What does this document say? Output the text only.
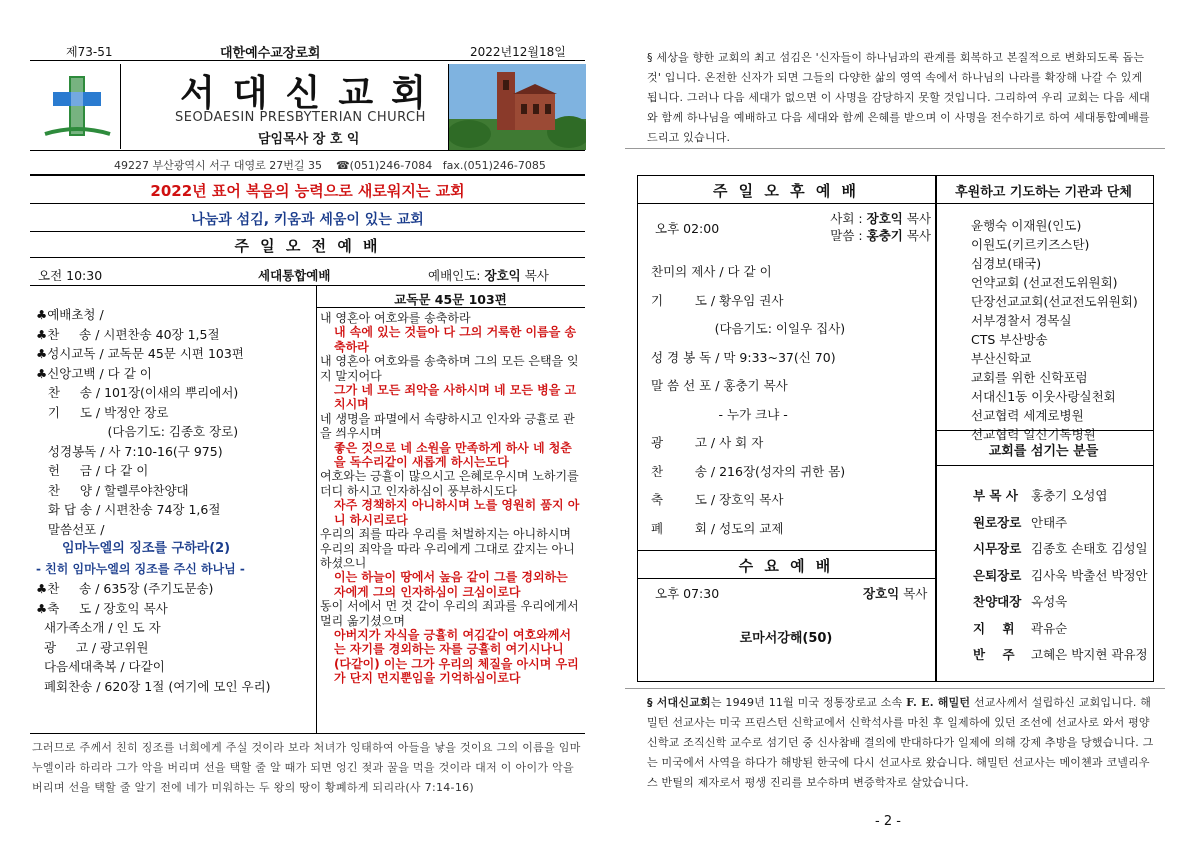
제73-51	대한예수교장로회	2022년12월18일
서대신교회
SEODAESIN PRESBYTERIAN CHURCH
담임목사 장 호 익
49227 부산광역시 서구 대영로 27번길 35 ☎(051)246-7084 fax.(051)246-7085
2022년 표어 복음의 능력으로 새로워지는 교회
나눔과 섬김, 키움과 세움이 있는 교회
주 일 오 전 예 배
오전 10:30	세대통합예배	예배인도: 장호익 목사
♣예배초청 /
♣찬     송 / 시편찬송 40장 1,5절
♣성시교독 / 교독문 45문 시편 103편
♣신앙고백 / 다 같 이
찬     송 / 101장(이새의 뿌리에서)
기     도 / 박정안 장로
(다음기도: 김종호 장로)
성경봉독 / 사 7:10-16(구 975)
헌     금 / 다 같 이
찬     양 / 할렐루야찬양대
화 답 송 / 시편찬송 74장 1,6절
말씀선포 /
임마누엘의 징조를 구하라(2)
- 친히 임마누엘의 징조를 주신 하나님 -
♣찬     송 / 635장 (주기도문송)
♣축     도 / 장호익 목사
새가족소개 / 인 도 자
광     고 / 광고위원
다음세대축복 / 다같이
폐회찬송 / 620장 1절 (여기에 모인 우리)
교독문 45문 103편
내 영혼아 여호와를 송축하라
내 속에 있는 것들아 다 그의 거룩한 이름을 송축하라
내 영혼아 여호와를 송축하며 그의 모든 은택을 잊지 말지어다
그가 네 모든 죄악을 사하시며 네 모든 병을 고치시며
네 생명을 파멸에서 속량하시고 인자와 긍휼로 관을 씌우시며
좋은 것으로 네 소원을 만족하게 하사 네 청춘을 독수리같이 새롭게 하시는도다
여호와는 긍휼이 많으시고 은혜로우시며 노하기를 더디 하시고 인자하심이 풍부하시도다
자주 경책하지 아니하시며 노를 영원히 품지 아니 하시리로다
우리의 죄를 따라 우리를 처벌하지는 아니하시며 우리의 죄악을 따라 우리에게 그대로 갚지는 아니하셨으니
이는 하늘이 땅에서 높음 같이 그를 경외하는 자에게 그의 인자하심이 크심이로다
동이 서에서 먼 것 같이 우리의 죄과를 우리에게서 멀리 옮기셨으며
아버지가 자식을 긍휼히 여김같이 여호와께서는 자기를 경외하는 자를 긍휼히 여기시나니
(다같이) 이는 그가 우리의 체질을 아시며 우리가 단지 먼지뿐임을 기억하심이로다
그러므로 주께서 친히 징조를 너희에게 주실 것이라 보라 처녀가 잉태하여 아들을 낳을 것이요 그의 이름을 임마누엘이라 하리라 그가 악을 버리며 선을 택할 줄 알 때가 되면 엉긴 젖과 꿀을 먹을 것이라 대저 이 아이가 악을 버리며 선을 택할 줄 알기 전에 네가 미워하는 두 왕의 땅이 황폐하게 되리라(사 7:14-16)
§ 세상을 향한 교회의 최고 섬김은 '신자들이 하나님과의 관계를 회복하고 본질적으로 변화되도록 돕는 것' 입니다. 온전한 신자가 되면 그들의 다양한 삶의 영역 속에서 하나님의 나라를 확장해 나갈 수 있게 됩니다. 그러나 다음 세대가 없으면 이 사명을 감당하지 못할 것입니다. 그리하여 우리 교회는 다음 세대와 함께 하나님을 예배하고 다음 세대와 함께 은혜를 받으며 이 사명을 전수하기로 하여 세대통합예배를 드리고 있습니다.
주 일 오 후 예 배
오후 02:00
사회 : 장호익 목사
말씀 : 홍충기 목사
찬미의 제사 / 다 같 이
기        도 / 황우임 권사
(다음기도: 이일우 집사)
성 경 봉 독 / 막 9:33~37(신 70)
말 씀 선 포 / 홍충기 목사
- 누가 크냐 -
광        고 / 사 회 자
찬        송 / 216장(성자의 귀한 몸)
축        도 / 장호익 목사
폐        회 / 성도의 교제
수 요 예 배
오후 07:30	장호익 목사
로마서강해(50)
후원하고 기도하는 기관과 단체
윤행숙 이재원(인도)
이원도(키르키즈스탄)
심경보(태국)
언약교회 (선교전도위원회)
단장선교교회(선교전도위원회)
서부경찰서 경목실
CTS 부산방송
부산신학교
교회를 위한 신학포럼
서대신1동 이웃사랑실천회
선교협력 세계로병원
선교협력 일신기독병원
교회를 섬기는 분들
부 목 사 홍충기 오성엽
원로장로 안태주
시무장로 김종호 손태호 김성일
은퇴장로 김사욱 박출선 박정안
찬양대장 옥성욱
지    휘 곽유순
반    주 고혜은 박지현 곽유정
§ 서대신교회는 1949년 11월 미국 정통장로교 소속 F. E. 해밀턴 선교사께서 설립하신 교회입니다. 해밀턴 선교사는 미국 프린스턴 신학교에서 신학석사를 마친 후 일제하에 있던 조선에 선교사로 와서 평양신학교 조직신학 교수로 섬기던 중 신사참배 결의에 반대하다가 일제에 의해 강제 추방을 당했습니다. 그는 미국에서 사역을 하다가 해방된 한국에 다시 선교사로 왔습니다. 해밀턴 선교사는 메이첸과 코넬리우스 반틸의 제자로서 평생 진리를 보수하며 변증학자로 살았습니다.
- 2 -
